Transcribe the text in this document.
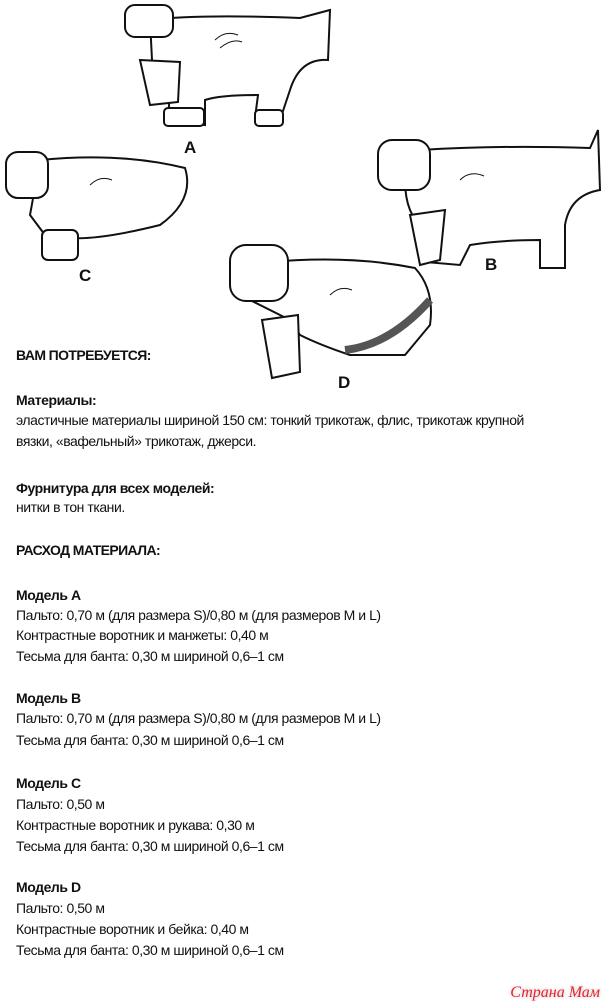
A
B
C
D
ВАМ ПОТРЕБУЕТСЯ:
Материалы:
эластичные материалы шириной 150 см: тонкий трикотаж, флис, трикотаж крупной
вязки, «вафельный» трикотаж, джерси.
Фурнитура для всех моделей:
нитки в тон ткани.
РАСХОД МАТЕРИАЛА:
Модель A
Пальто: 0,70 м (для размера S)/0,80 м (для размеров M и L)
Контрастные воротник и манжеты: 0,40 м
Тесьма для банта: 0,30 м шириной 0,6–1 см
Модель B
Пальто: 0,70 м (для размера S)/0,80 м (для размеров M и L)
Тесьма для банта: 0,30 м шириной 0,6–1 см
Модель C
Пальто: 0,50 м
Контрастные воротник и рукава: 0,30 м
Тесьма для банта: 0,30 м шириной 0,6–1 см
Модель D
Пальто: 0,50 м
Контрастные воротник и бейка: 0,40 м
Тесьма для банта: 0,30 м шириной 0,6–1 см
Страна Мам
